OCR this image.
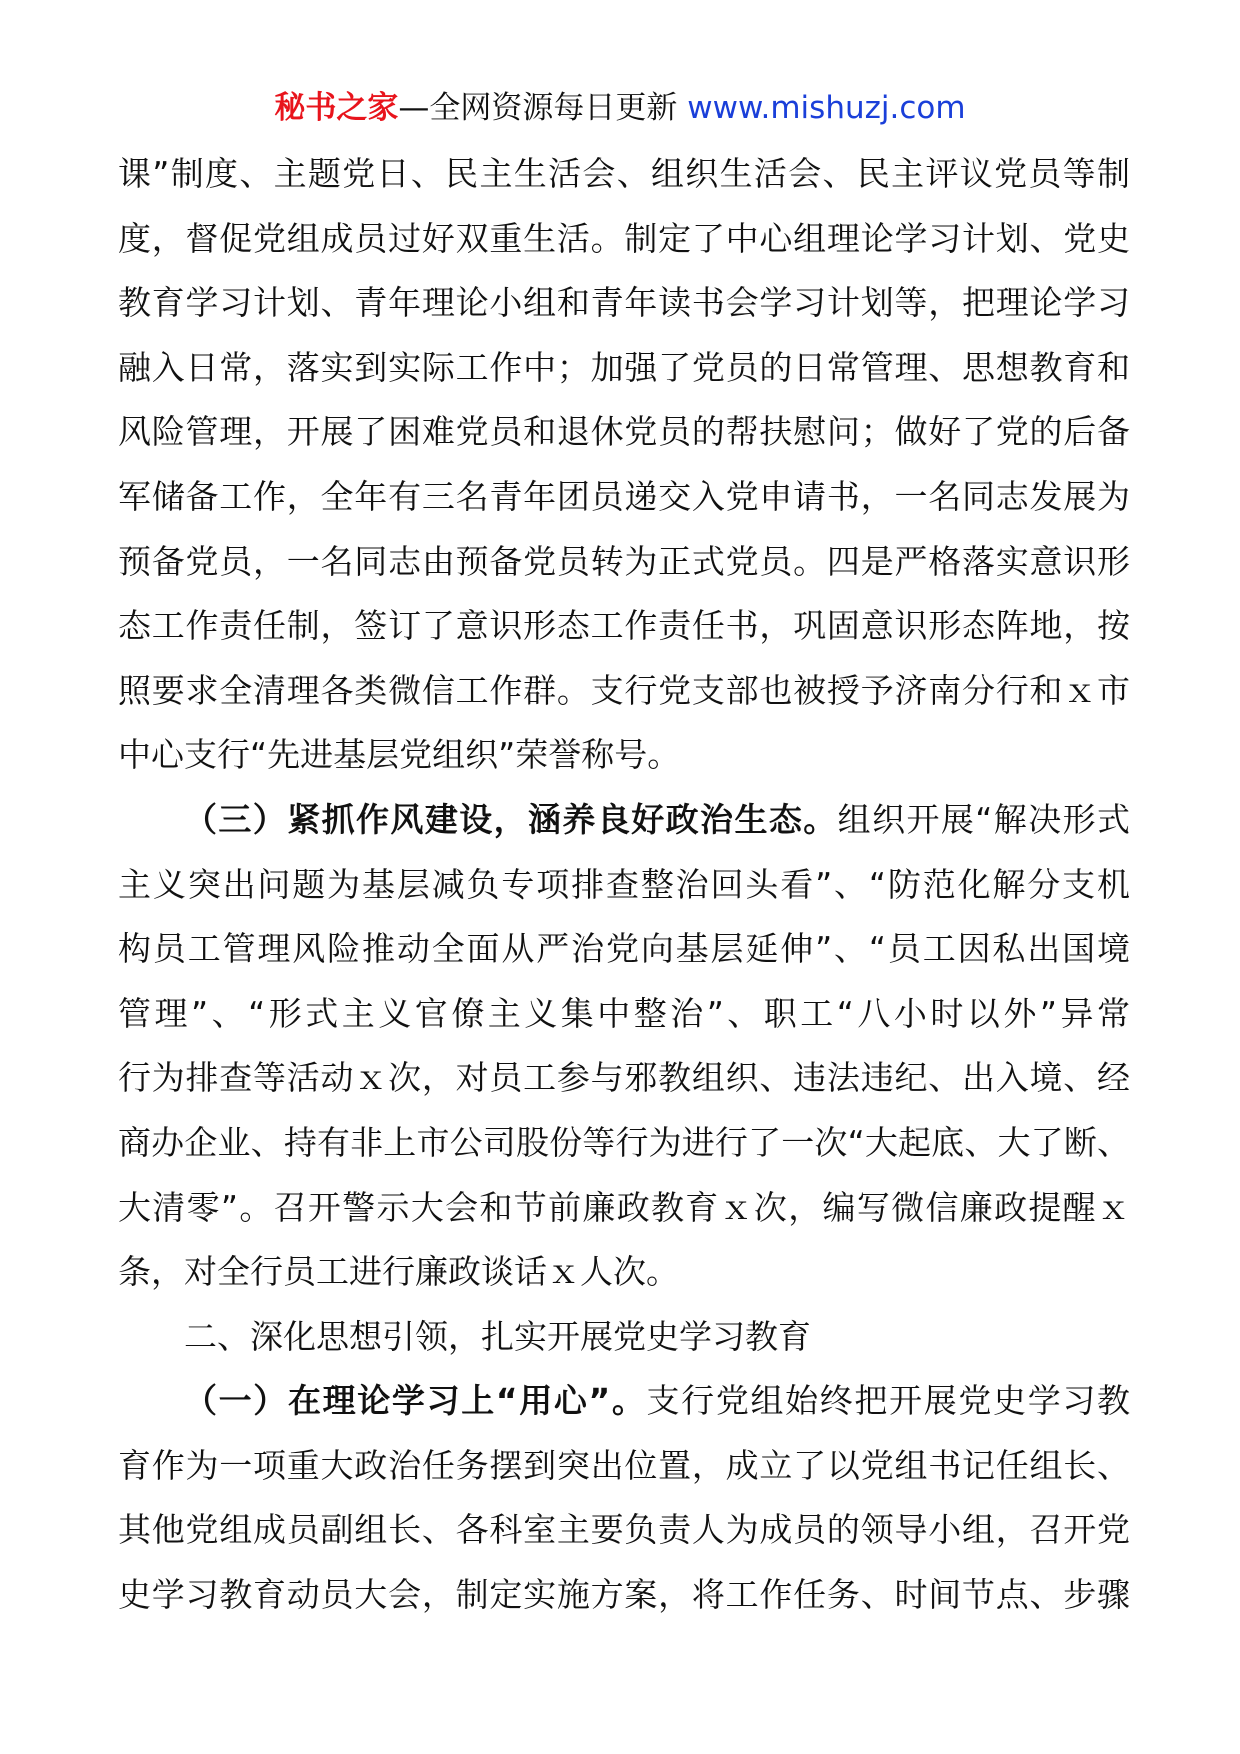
秘书之家—全网资源每日更新 www.mishuzj.com
课”制度、主题党日、民主生活会、组织生活会、民主评议党员等制
度，督促党组成员过好双重生活。制定了中心组理论学习计划、党史
教育学习计划、青年理论小组和青年读书会学习计划等，把理论学习
融入日常，落实到实际工作中；加强了党员的日常管理、思想教育和
风险管理，开展了困难党员和退休党员的帮扶慰问；做好了党的后备
军储备工作，全年有三名青年团员递交入党申请书，一名同志发展为
预备党员，一名同志由预备党员转为正式党员。四是严格落实意识形
态工作责任制，签订了意识形态工作责任书，巩固意识形态阵地，按
照要求全清理各类微信工作群。支行党支部也被授予济南分行和ｘ市
中心支行“先进基层党组织”荣誉称号。
（三）紧抓作风建设，涵养良好政治生态。组织开展“解决形式
主义突出问题为基层减负专项排查整治回头看”、“防范化解分支机
构员工管理风险推动全面从严治党向基层延伸”、“员工因私出国境
管理”、“形式主义官僚主义集中整治”、职工“八小时以外”异常
行为排查等活动ｘ次，对员工参与邪教组织、违法违纪、出入境、经
商办企业、持有非上市公司股份等行为进行了一次“大起底、大了断、
大清零”。召开警示大会和节前廉政教育ｘ次，编写微信廉政提醒ｘ
条，对全行员工进行廉政谈话ｘ人次。
二、深化思想引领，扎实开展党史学习教育
（一）在理论学习上“用心”。支行党组始终把开展党史学习教
育作为一项重大政治任务摆到突出位置，成立了以党组书记任组长、
其他党组成员副组长、各科室主要负责人为成员的领导小组，召开党
史学习教育动员大会，制定实施方案，将工作任务、时间节点、步骤
